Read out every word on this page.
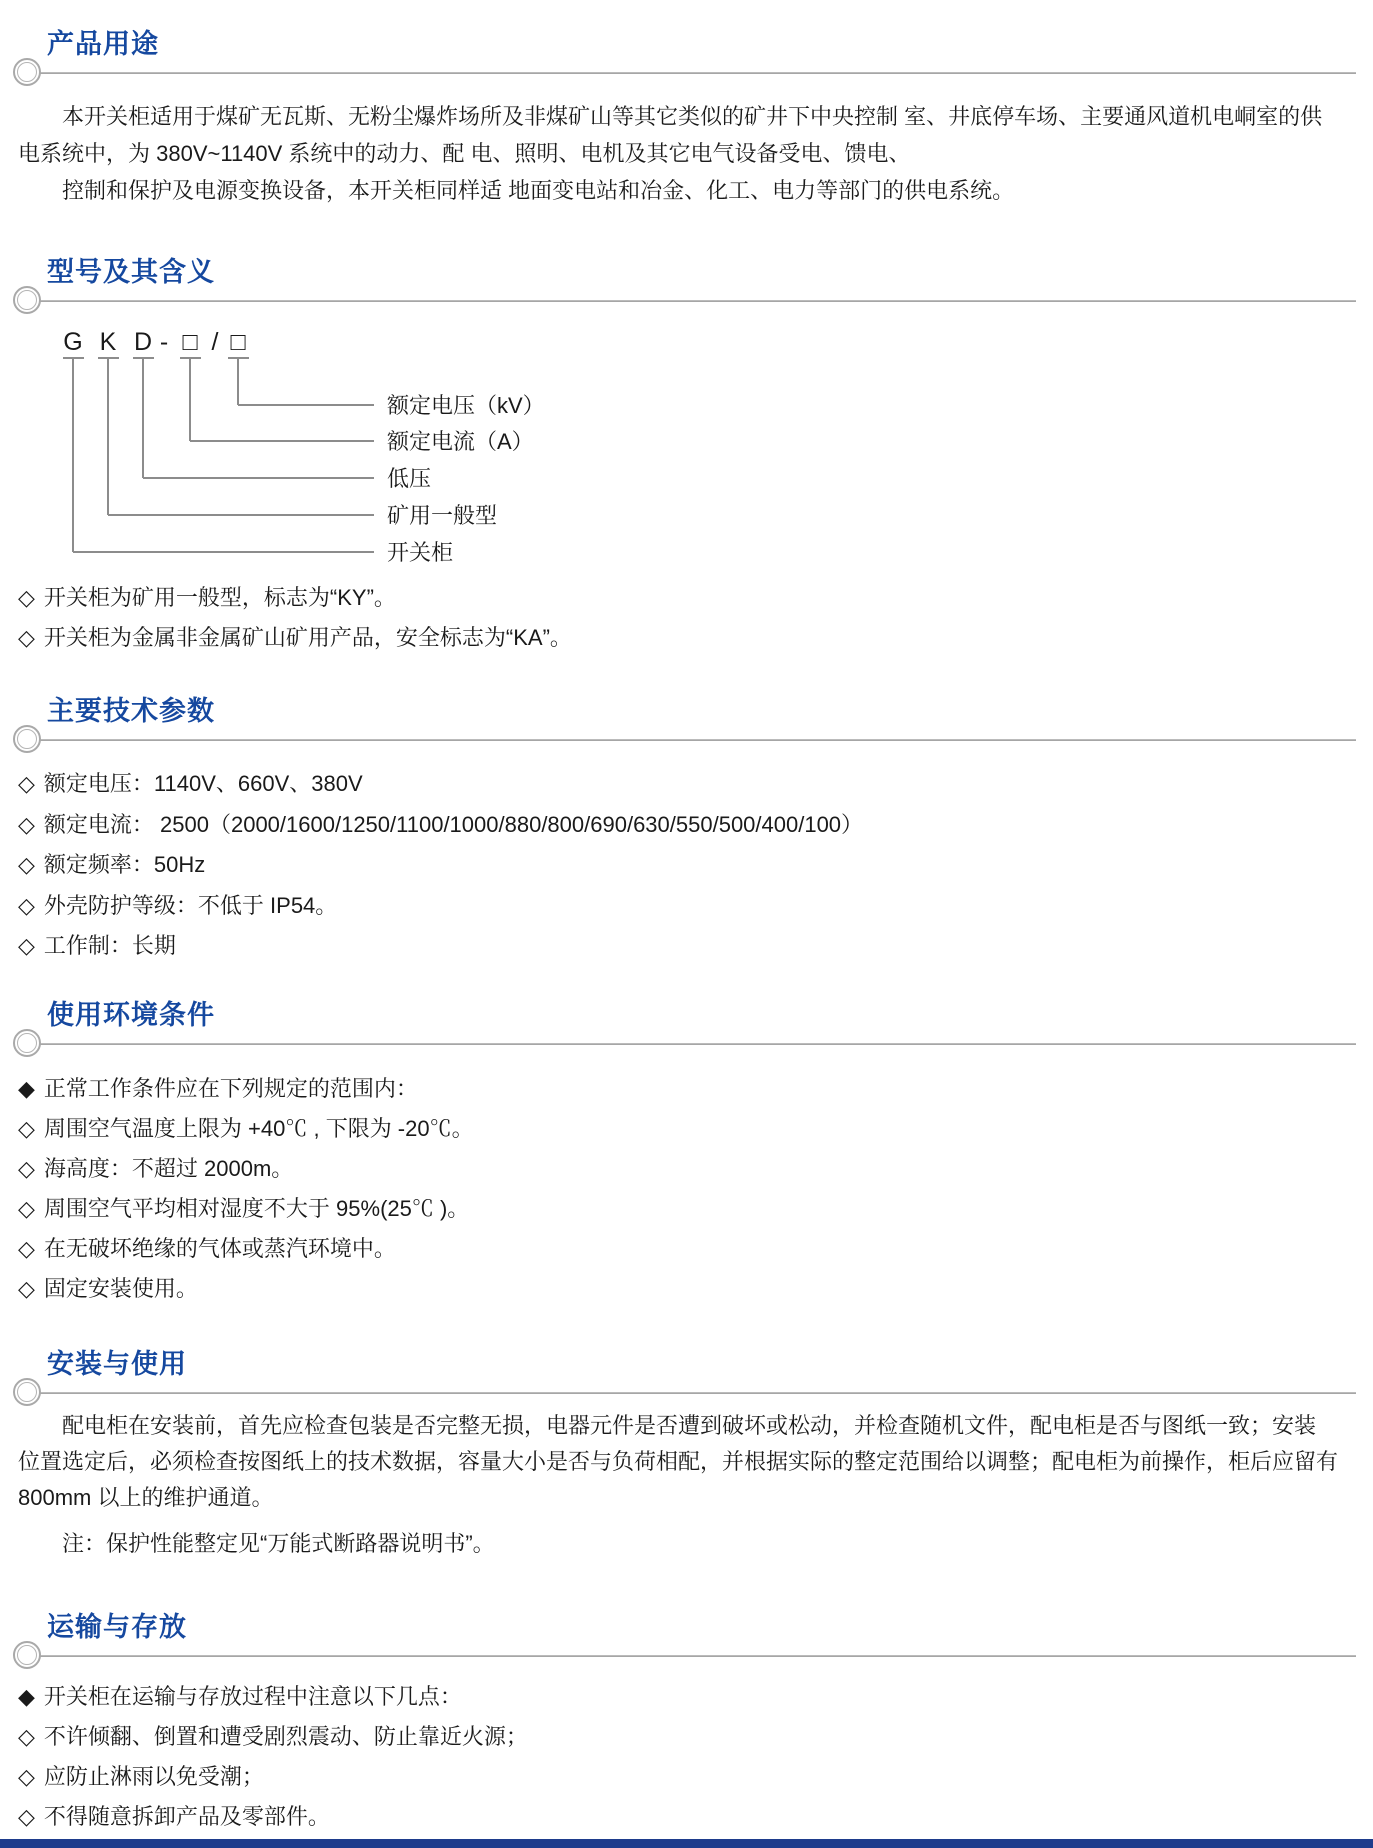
产品用途
本开关柜适用于煤矿无瓦斯、无粉尘爆炸场所及非煤矿山等其它类似的矿井下中央控制 室、井底停车场、主要通风道机电峒室的供
电系统中，为 380V~1140V 系统中的动力、配 电、照明、电机及其它电气设备受电、馈电、
控制和保护及电源变换设备，本开关柜同样适 地面变电站和冶金、化工、电力等部门的供电系统。
型号及其含义
G K D - □ / □
额定电压（kV）
额定电流（A）
低压
矿用一般型
开关柜
◇ 开关柜为矿用一般型，标志为“KY”。
◇ 开关柜为金属非金属矿山矿用产品，安全标志为“KA”。
主要技术参数
◇ 额定电压：1140V、660V、380V
◇ 额定电流： 2500（2000/1600/1250/1100/1000/880/800/690/630/550/500/400/100）
◇ 额定频率：50Hz
◇ 外壳防护等级：不低于 IP54。
◇ 工作制：长期
使用环境条件
◆ 正常工作条件应在下列规定的范围内：
◇ 周围空气温度上限为 +40℃ , 下限为 -20℃。
◇ 海高度：不超过 2000m。
◇ 周围空气平均相对湿度不大于 95%(25℃ )。
◇ 在无破坏绝缘的气体或蒸汽环境中。
◇ 固定安装使用。
安装与使用
配电柜在安装前，首先应检查包装是否完整无损，电器元件是否遭到破坏或松动，并检查随机文件，配电柜是否与图纸一致；安装
位置选定后，必须检查按图纸上的技术数据，容量大小是否与负荷相配，并根据实际的整定范围给以调整；配电柜为前操作，柜后应留有
800mm 以上的维护通道。
注：保护性能整定见“万能式断路器说明书”。
运输与存放
◆ 开关柜在运输与存放过程中注意以下几点：
◇ 不许倾翻、倒置和遭受剧烈震动、防止靠近火源；
◇ 应防止淋雨以免受潮；
◇ 不得随意拆卸产品及零部件。
